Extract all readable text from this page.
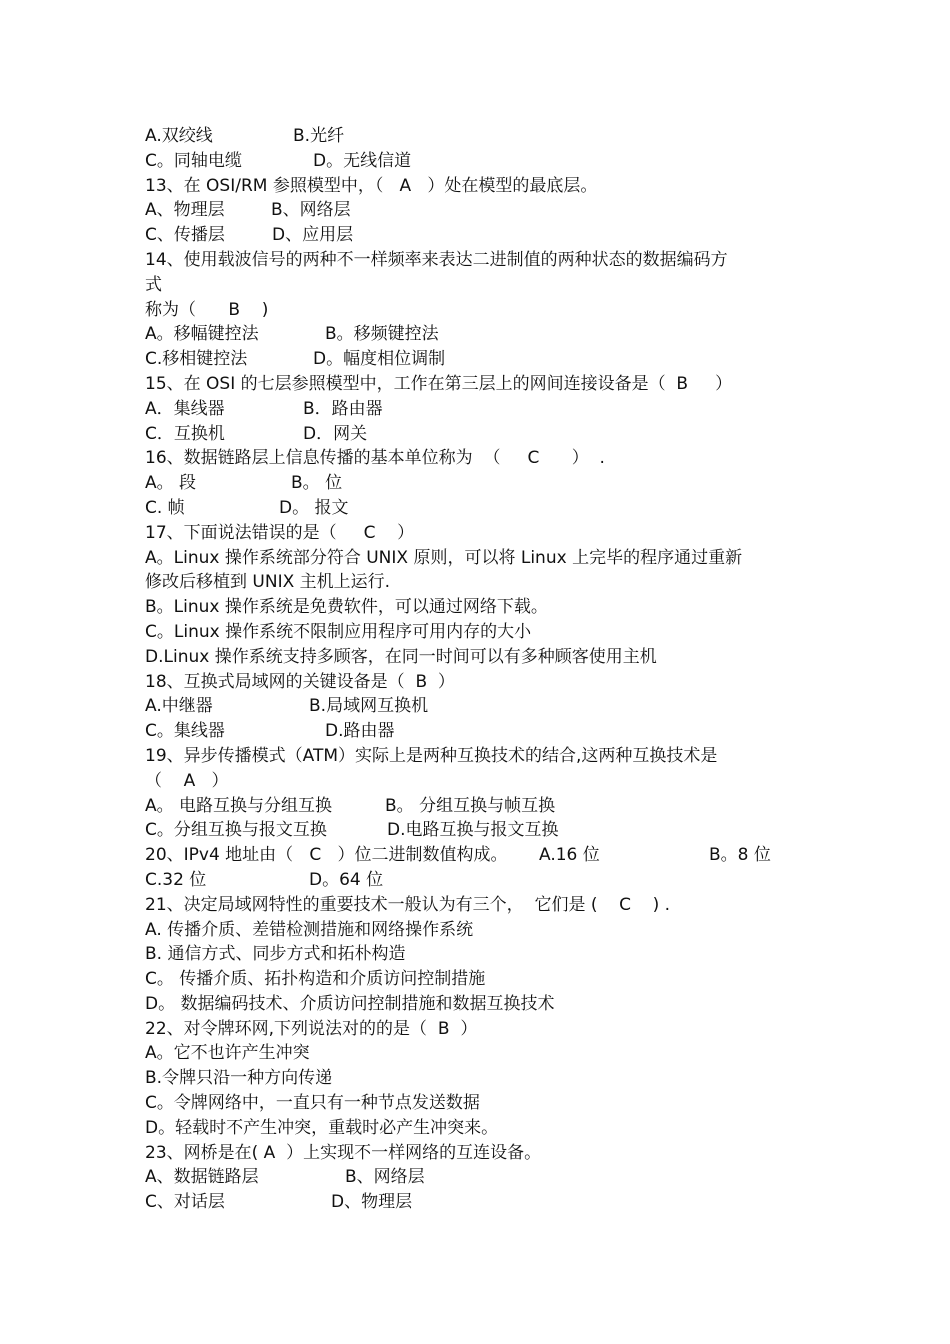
A.双绞线	B.光纤
C。同轴电缆	D。无线信道
13、在 OSI/RM 参照模型中，（   A   ）处在模型的最底层。
A、物理层	B、网络层
C、传播层	D、应用层
14、使用载波信号的两种不一样频率来表达二进制值的两种状态的数据编码方
式
称为（      B    )
A。移幅键控法	B。移频键控法
C.移相键控法	D。幅度相位调制
15、在 OSI 的七层参照模型中，工作在第三层上的网间连接设备是（  B     ）
A．集线器	B．路由器
C．互换机	D．网关
16、数据链路层上信息传播的基本单位称为  （     C      ）  .
A。 段	B。 位
C. 帧	D。 报文
17、下面说法错误的是（     C    ）
A。Linux 操作系统部分符合 UNIX 原则，可以将 Linux 上完毕的程序通过重新
修改后移植到 UNIX 主机上运行.
B。Linux 操作系统是免费软件，可以通过网络下载。
C。Linux 操作系统不限制应用程序可用内存的大小
D.Linux 操作系统支持多顾客，在同一时间可以有多种顾客使用主机
18、互换式局域网的关键设备是（  B  ）
A.中继器	B.局域网互换机
C。集线器	D.路由器
19、异步传播模式（ATM）实际上是两种互换技术的结合,这两种互换技术是
（    A   ）
A。 电路互换与分组互换	B。 分组互换与帧互换
C。分组互换与报文互换	D.电路互换与报文互换
20、IPv4 地址由（   C   ）位二进制数值构成。 A.16 位	B。8 位
C.32 位	D。64 位
21、决定局域网特性的重要技术一般认为有三个，  它们是 (    C    ) .
A. 传播介质、差错检测措施和网络操作系统
B. 通信方式、同步方式和拓朴构造
C。 传播介质、拓扑构造和介质访问控制措施
D。 数据编码技术、介质访问控制措施和数据互换技术
22、对令牌环网,下列说法对的的是（  B  ）
A。它不也许产生冲突
B.令牌只沿一种方向传递
C。令牌网络中，一直只有一种节点发送数据
D。轻载时不产生冲突，重载时必产生冲突来。
23、网桥是在( A  ）上实现不一样网络的互连设备。
A、数据链路层	B、网络层
C、对话层	D、物理层
